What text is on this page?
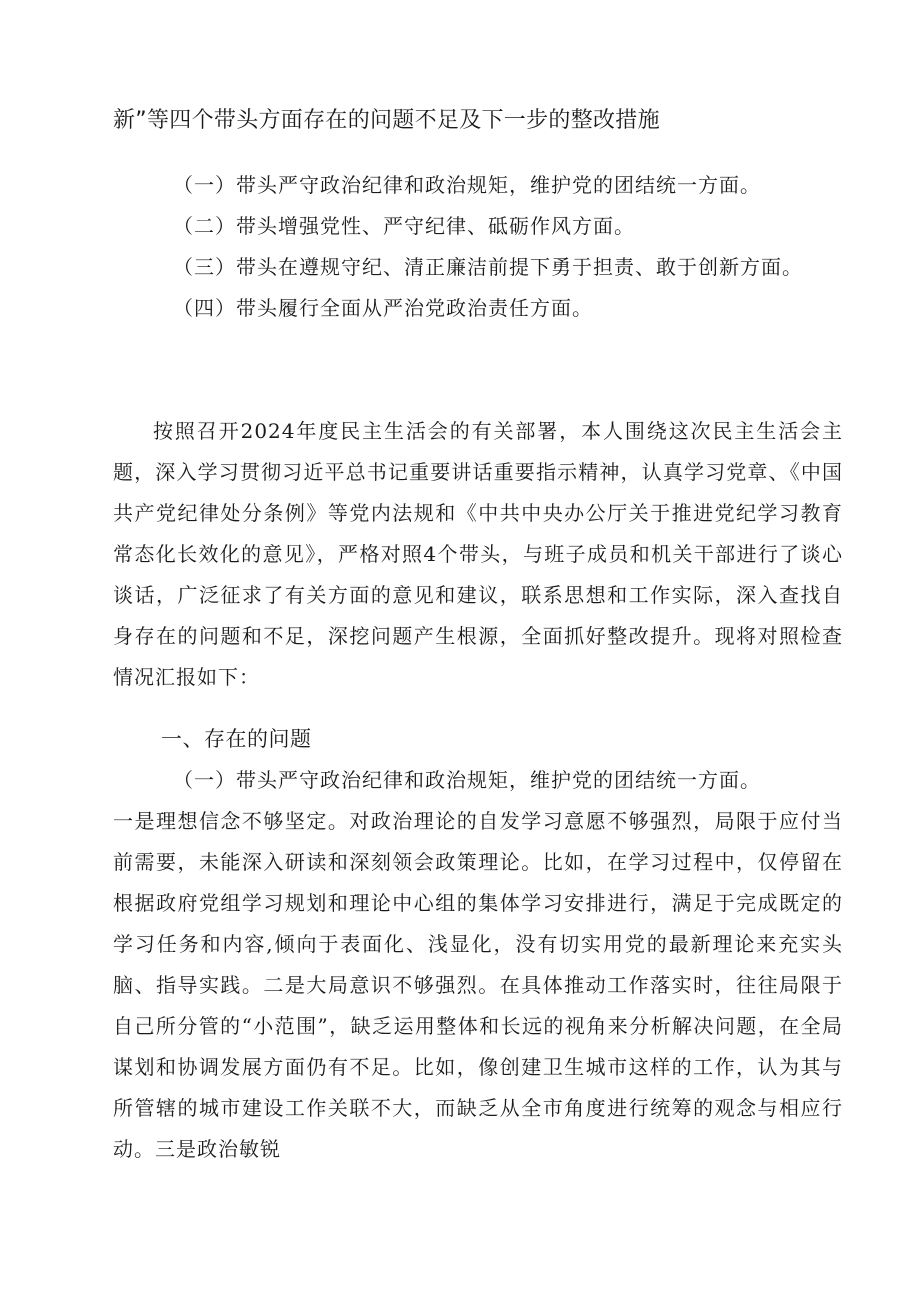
新”等四个带头方面存在的问题不足及下一步的整改措施
（一）带头严守政治纪律和政治规矩，维护党的团结统一方面。
（二）带头增强党性、严守纪律、砥砺作风方面。
（三）带头在遵规守纪、清正廉洁前提下勇于担责、敢于创新方面。
（四）带头履行全面从严治党政治责任方面。
按照召开2024年度民主生活会的有关部署，本人围绕这次民主生活会主题，深入学习贯彻习近平总书记重要讲话重要指示精神，认真学习党章、《中国共产党纪律处分条例》等党内法规和《中共中央办公厅关于推进党纪学习教育常态化长效化的意见》，严格对照4个带头，与班子成员和机关干部进行了谈心谈话，广泛征求了有关方面的意见和建议，联系思想和工作实际，深入查找自身存在的问题和不足，深挖问题产生根源，全面抓好整改提升。现将对照检查情况汇报如下：
一、存在的问题
（一）带头严守政治纪律和政治规矩，维护党的团结统一方面。
一是理想信念不够坚定。对政治理论的自发学习意愿不够强烈，局限于应付当前需要，未能深入研读和深刻领会政策理论。比如，在学习过程中，仅停留在根据政府党组学习规划和理论中心组的集体学习安排进行，满足于完成既定的学习任务和内容,倾向于表面化、浅显化，没有切实用党的最新理论来充实头脑、指导实践。二是大局意识不够强烈。在具体推动工作落实时，往往局限于自己所分管的“小范围”，缺乏运用整体和长远的视角来分析解决问题，在全局谋划和协调发展方面仍有不足。比如，像创建卫生城市这样的工作，认为其与所管辖的城市建设工作关联不大，而缺乏从全市角度进行统筹的观念与相应行动。三是政治敏锐
